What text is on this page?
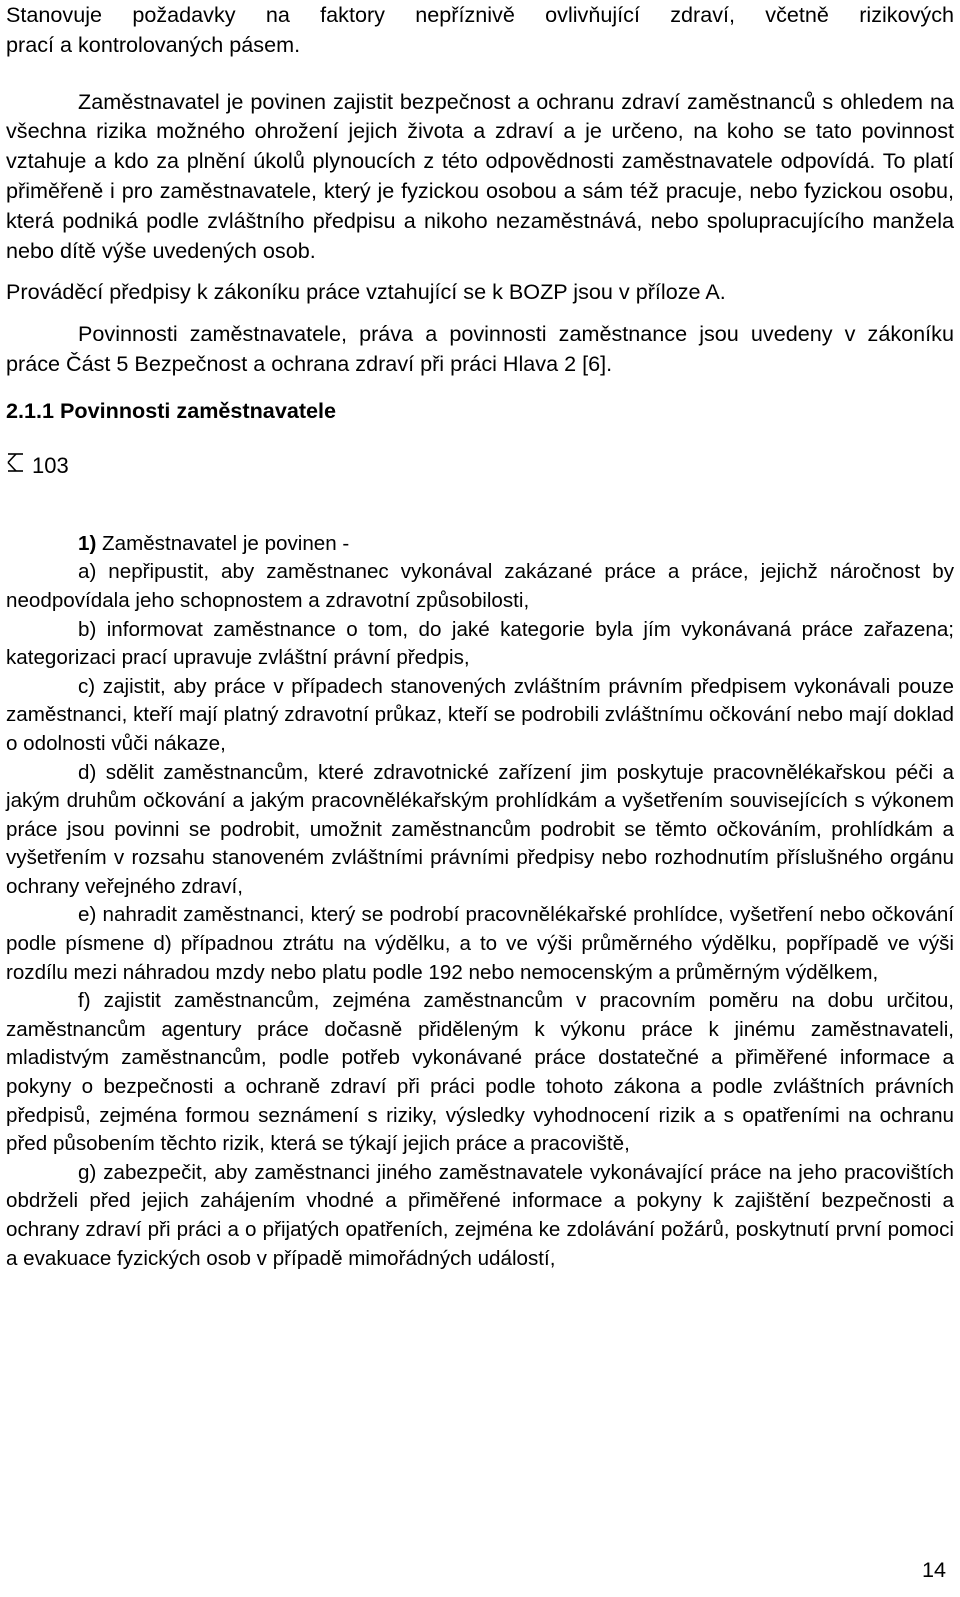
Stanovuje požadavky na faktory nepříznivě ovlivňující zdraví, včetně rizikových

prací a kontrolovaných pásem.

Zaměstnavatel je povinen zajistit bezpečnost a ochranu zdraví zaměstnanců s ohledem na všechna rizika možného ohrožení jejich života a zdraví a je určeno, na koho se tato povinnost vztahuje a kdo za plnění úkolů plynoucích z této odpovědnosti zaměstnavatele odpovídá. To platí přiměřeně i pro zaměstnavatele, který je fyzickou osobou a sám též pracuje, nebo fyzickou osobu, která podniká podle zvláštního předpisu a nikoho nezaměstnává, nebo spolupracujícího manžela nebo dítě výše uvedených osob.

Prováděcí předpisy k zákoníku práce vztahující se k BOZP jsou v příloze A.

Povinnosti zaměstnavatele, práva a povinnosti zaměstnance jsou uvedeny v zákoníku práce Část 5 Bezpečnost a ochrana zdraví při práci Hlava 2 [6].

2.1.1 Povinnosti zaměstnavatele

103

1) Zaměstnavatel je povinen -

a) nepřipustit, aby zaměstnanec vykonával zakázané práce a práce, jejichž náročnost by neodpovídala jeho schopnostem a zdravotní způsobilosti,

b) informovat zaměstnance o tom, do jaké kategorie byla jím vykonávaná práce zařazena; kategorizaci prací upravuje zvláštní právní předpis,

c) zajistit, aby práce v případech stanovených zvláštním právním předpisem vykonávali pouze zaměstnanci, kteří mají platný zdravotní průkaz, kteří se podrobili zvláštnímu očkování nebo mají doklad o odolnosti vůči nákaze,

d) sdělit zaměstnancům, které zdravotnické zařízení jim poskytuje pracovnělékařskou péči a jakým druhům očkování a jakým pracovnělékařským prohlídkám a vyšetřením souvisejících s výkonem práce jsou povinni se podrobit, umožnit zaměstnancům podrobit se těmto očkováním, prohlídkám a vyšetřením v rozsahu stanoveném zvláštními právními předpisy nebo rozhodnutím příslušného orgánu ochrany veřejného zdraví,

e) nahradit zaměstnanci, který se podrobí pracovnělékařské prohlídce, vyšetření nebo očkování podle písmene d) případnou ztrátu na výdělku, a to ve výši průměrného výdělku, popřípadě ve výši rozdílu mezi náhradou mzdy nebo platu podle 192 nebo nemocenským a průměrným výdělkem,

f) zajistit zaměstnancům, zejména zaměstnancům v pracovním poměru na dobu určitou, zaměstnancům agentury práce dočasně přiděleným k výkonu práce k jinému zaměstnavateli, mladistvým zaměstnancům, podle potřeb vykonávané práce dostatečné a přiměřené informace a pokyny o bezpečnosti a ochraně zdraví při práci podle tohoto zákona a podle zvláštních právních předpisů, zejména formou seznámení s riziky, výsledky vyhodnocení rizik a s opatřeními na ochranu před působením těchto rizik, která se týkají jejich práce a pracoviště,

g) zabezpečit, aby zaměstnanci jiného zaměstnavatele vykonávající práce na jeho pracovištích obdrželi před jejich zahájením vhodné a přiměřené informace a pokyny k zajištění bezpečnosti a ochrany zdraví při práci a o přijatých opatřeních, zejména ke zdolávání požárů, poskytnutí první pomoci a evakuace fyzických osob v případě mimořádných událostí,

14
